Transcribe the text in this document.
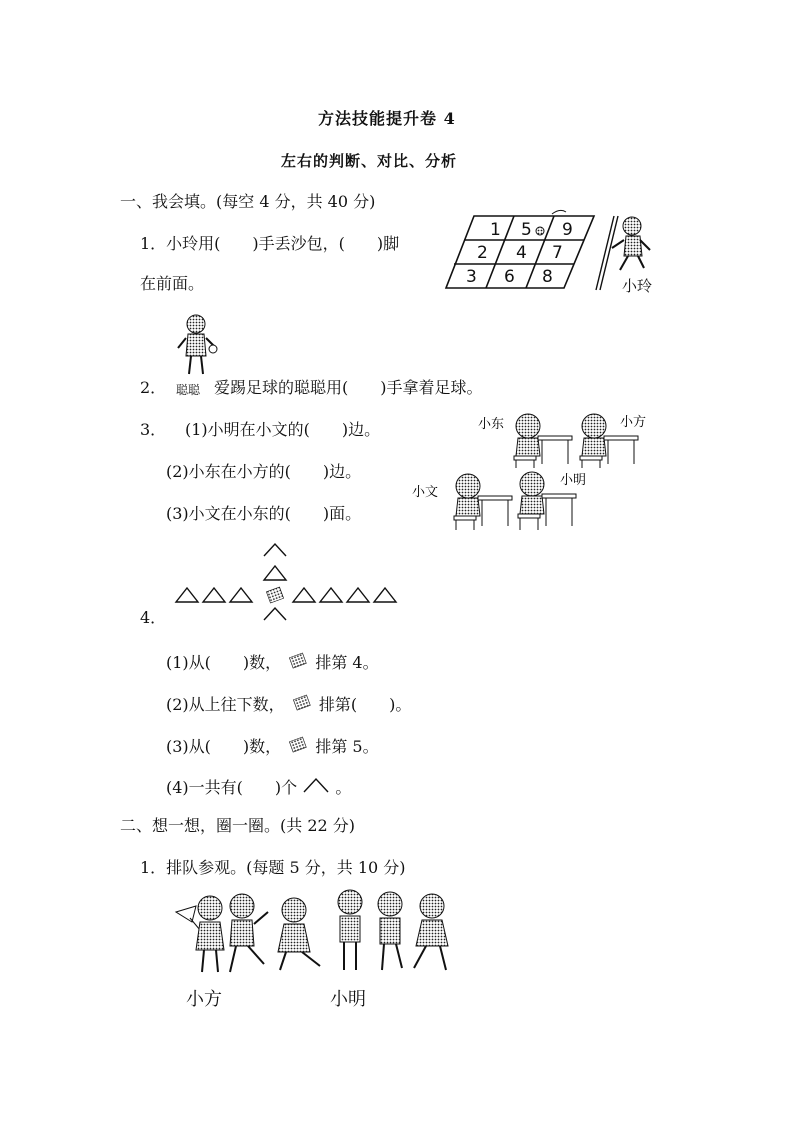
方法技能提升卷 4
左右的判断、对比、分析
一、我会填。(每空 4 分，共 40 分)
1．小玲用(　　)手丢沙包，(　　)脚
在前面。
1 5 9
2 4 7
3 6 8	小玲
2． 聪聪 爱踢足球的聪聪用(　　)手拿着足球。
3． (1)小明在小文的(　　)边。
(2)小东在小方的(　　)边。
(3)小文在小东的(　　)面。
小东	小方
小文
小明
4．
(1)从(　　)数， 排第 4。
(2)从上往下数， 排第(　　)。
(3)从(　　)数， 排第 5。
(4)一共有(　　)个 。
二、想一想，圈一圈。(共 22 分)
1．排队参观。(每题 5 分，共 10 分)
小方	小明
